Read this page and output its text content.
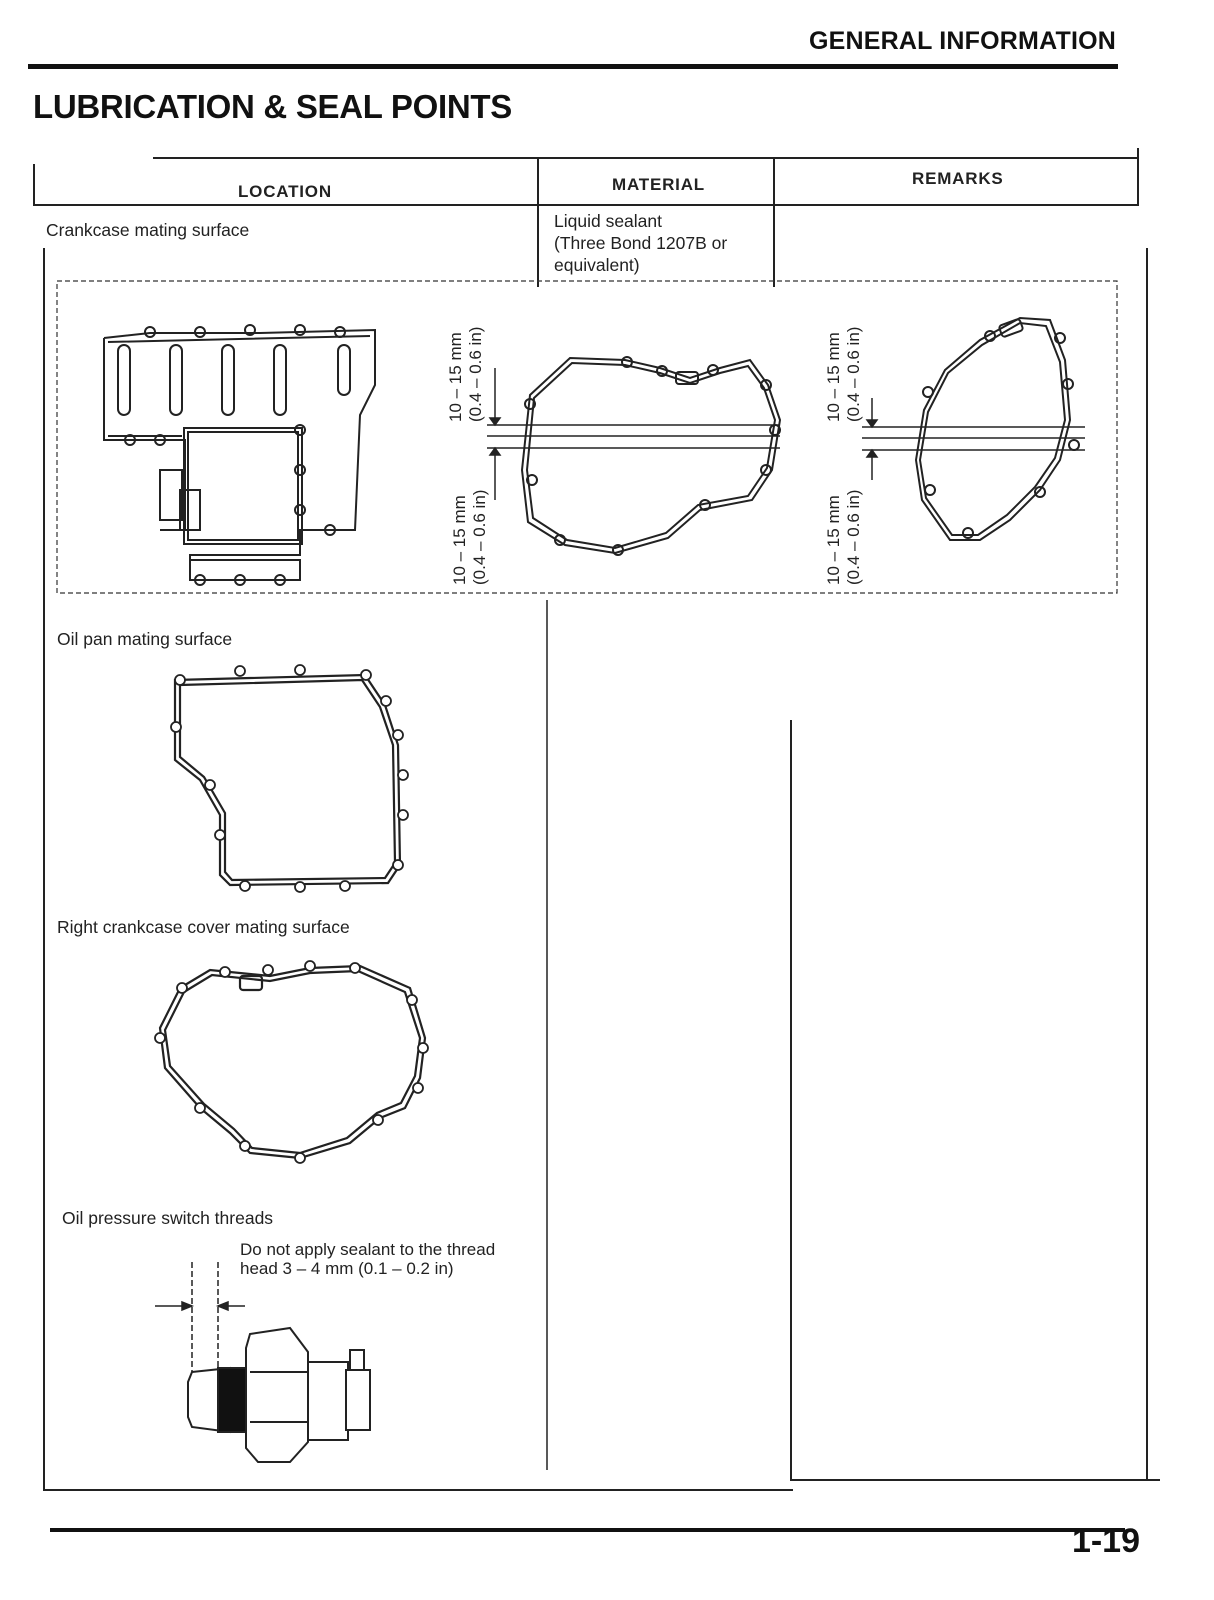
GENERAL INFORMATION
LUBRICATION & SEAL POINTS
LOCATION	MATERIAL	REMARKS
Crankcase mating surface	Liquid sealant
(Three Bond 1207B or
equivalent)
10 – 15 mm (0.4 – 0.6 in)
10 – 15 mm (0.4 – 0.6 in)
10 – 15 mm (0.4 – 0.6 in)
10 – 15 mm (0.4 – 0.6 in)
Oil pan mating surface
Right crankcase cover mating surface
Oil pressure switch threads
Do not apply sealant to the thread
head 3 – 4 mm (0.1 – 0.2 in)
1-19
